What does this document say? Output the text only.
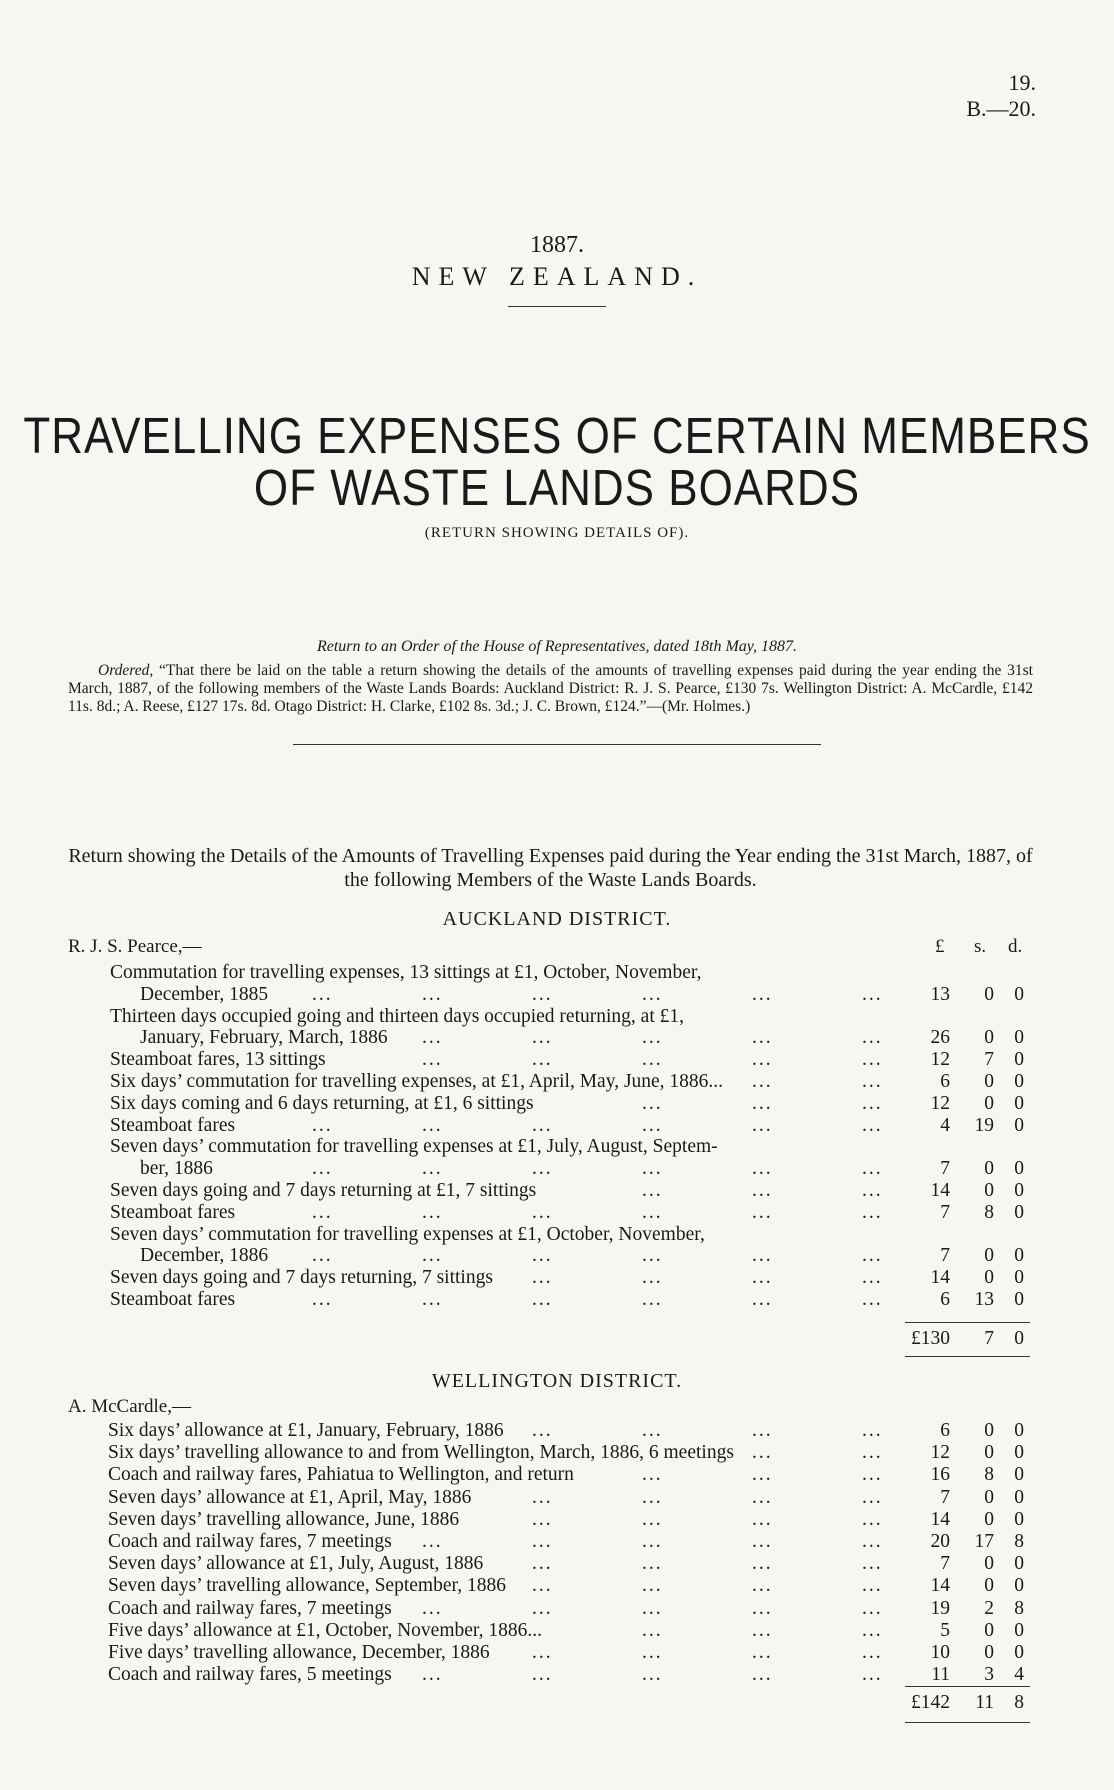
19.
B.—20.
1887.
NEW ZEALAND.
TRAVELLING EXPENSES OF CERTAIN MEMBERS
OF WASTE LANDS BOARDS
(RETURN SHOWING DETAILS OF).
Return to an Order of the House of Representatives, dated 18th May, 1887.
Ordered, “That there be laid on the table a return showing the details of the amounts of travelling expenses paid during the year ending the 31st March, 1887, of the following members of the Waste Lands Boards: Auckland District: R. J. S. Pearce, £130 7s. Wellington District: A. McCardle, £142 11s. 8d.; A. Reese, £127 17s. 8d. Otago District: H. Clarke, £102 8s. 3d.; J. C. Brown, £124.”—(Mr. Holmes.)
Return showing the Details of the Amounts of Travelling Expenses paid during the Year ending the 31st March, 1887, of the following Members of the Waste Lands Boards.
AUCKLAND DISTRICT.
R. J. S. Pearce,—	£ s. d.
Commutation for travelling expenses, 13 sittings at £1, October, November,
December, 1885 ...	...	...	...	...	...	13	0	0
Thirteen days occupied going and thirteen days occupied returning, at £1,
January, February, March, 1886 ...	...	...	...	...	26	0	0
Steamboat fares, 13 sittings	...	...	...	...	...	12	7	0
Six days’ commutation for travelling expenses, at £1, April, May, June, 1886... ...	...	6	0	0
Six days coming and 6 days returning, at £1, 6 sittings	...	...	...	12	0	0
Steamboat fares	...	...	...	...	...	...	4	19	0
Seven days’ commutation for travelling expenses at £1, July, August, Septem-
ber, 1886	...	...	...	...	...	...	7	0	0
Seven days going and 7 days returning at £1, 7 sittings	...	...	...	14	0	0
Steamboat fares	...	...	...	...	...	...	7	8	0
Seven days’ commutation for travelling expenses at £1, October, November,
December, 1886 ...	...	...	...	...	...	7	0	0
Seven days going and 7 days returning, 7 sittings ...	...	...	...	14	0	0
Steamboat fares	...	...	...	...	...	...	6	13	0
£130	7	0
WELLINGTON DISTRICT.
A. McCardle,—
Six days’ allowance at £1, January, February, 1886 ...	...	...	...	6	0	0
Six days’ travelling allowance to and from Wellington, March, 1886, 6 meetings ...	...	12	0	0
Coach and railway fares, Pahiatua to Wellington, and return	...	...	...	16	8	0
Seven days’ allowance at £1, April, May, 1886	...	...	...	...	7	0	0
Seven days’ travelling allowance, June, 1886	...	...	...	...	14	0	0
Coach and railway fares, 7 meetings ...	...	...	...	...	20	17	8
Seven days’ allowance at £1, July, August, 1886 ...	...	...	...	7	0	0
Seven days’ travelling allowance, September, 1886 ...	...	...	...	14	0	0
Coach and railway fares, 7 meetings ...	...	...	...	...	19	2	8
Five days’ allowance at £1, October, November, 1886...	...	...	...	5	0	0
Five days’ travelling allowance, December, 1886 ...	...	...	...	10	0	0
Coach and railway fares, 5 meetings ...	...	...	...	...	11	3	4
£142	11	8
